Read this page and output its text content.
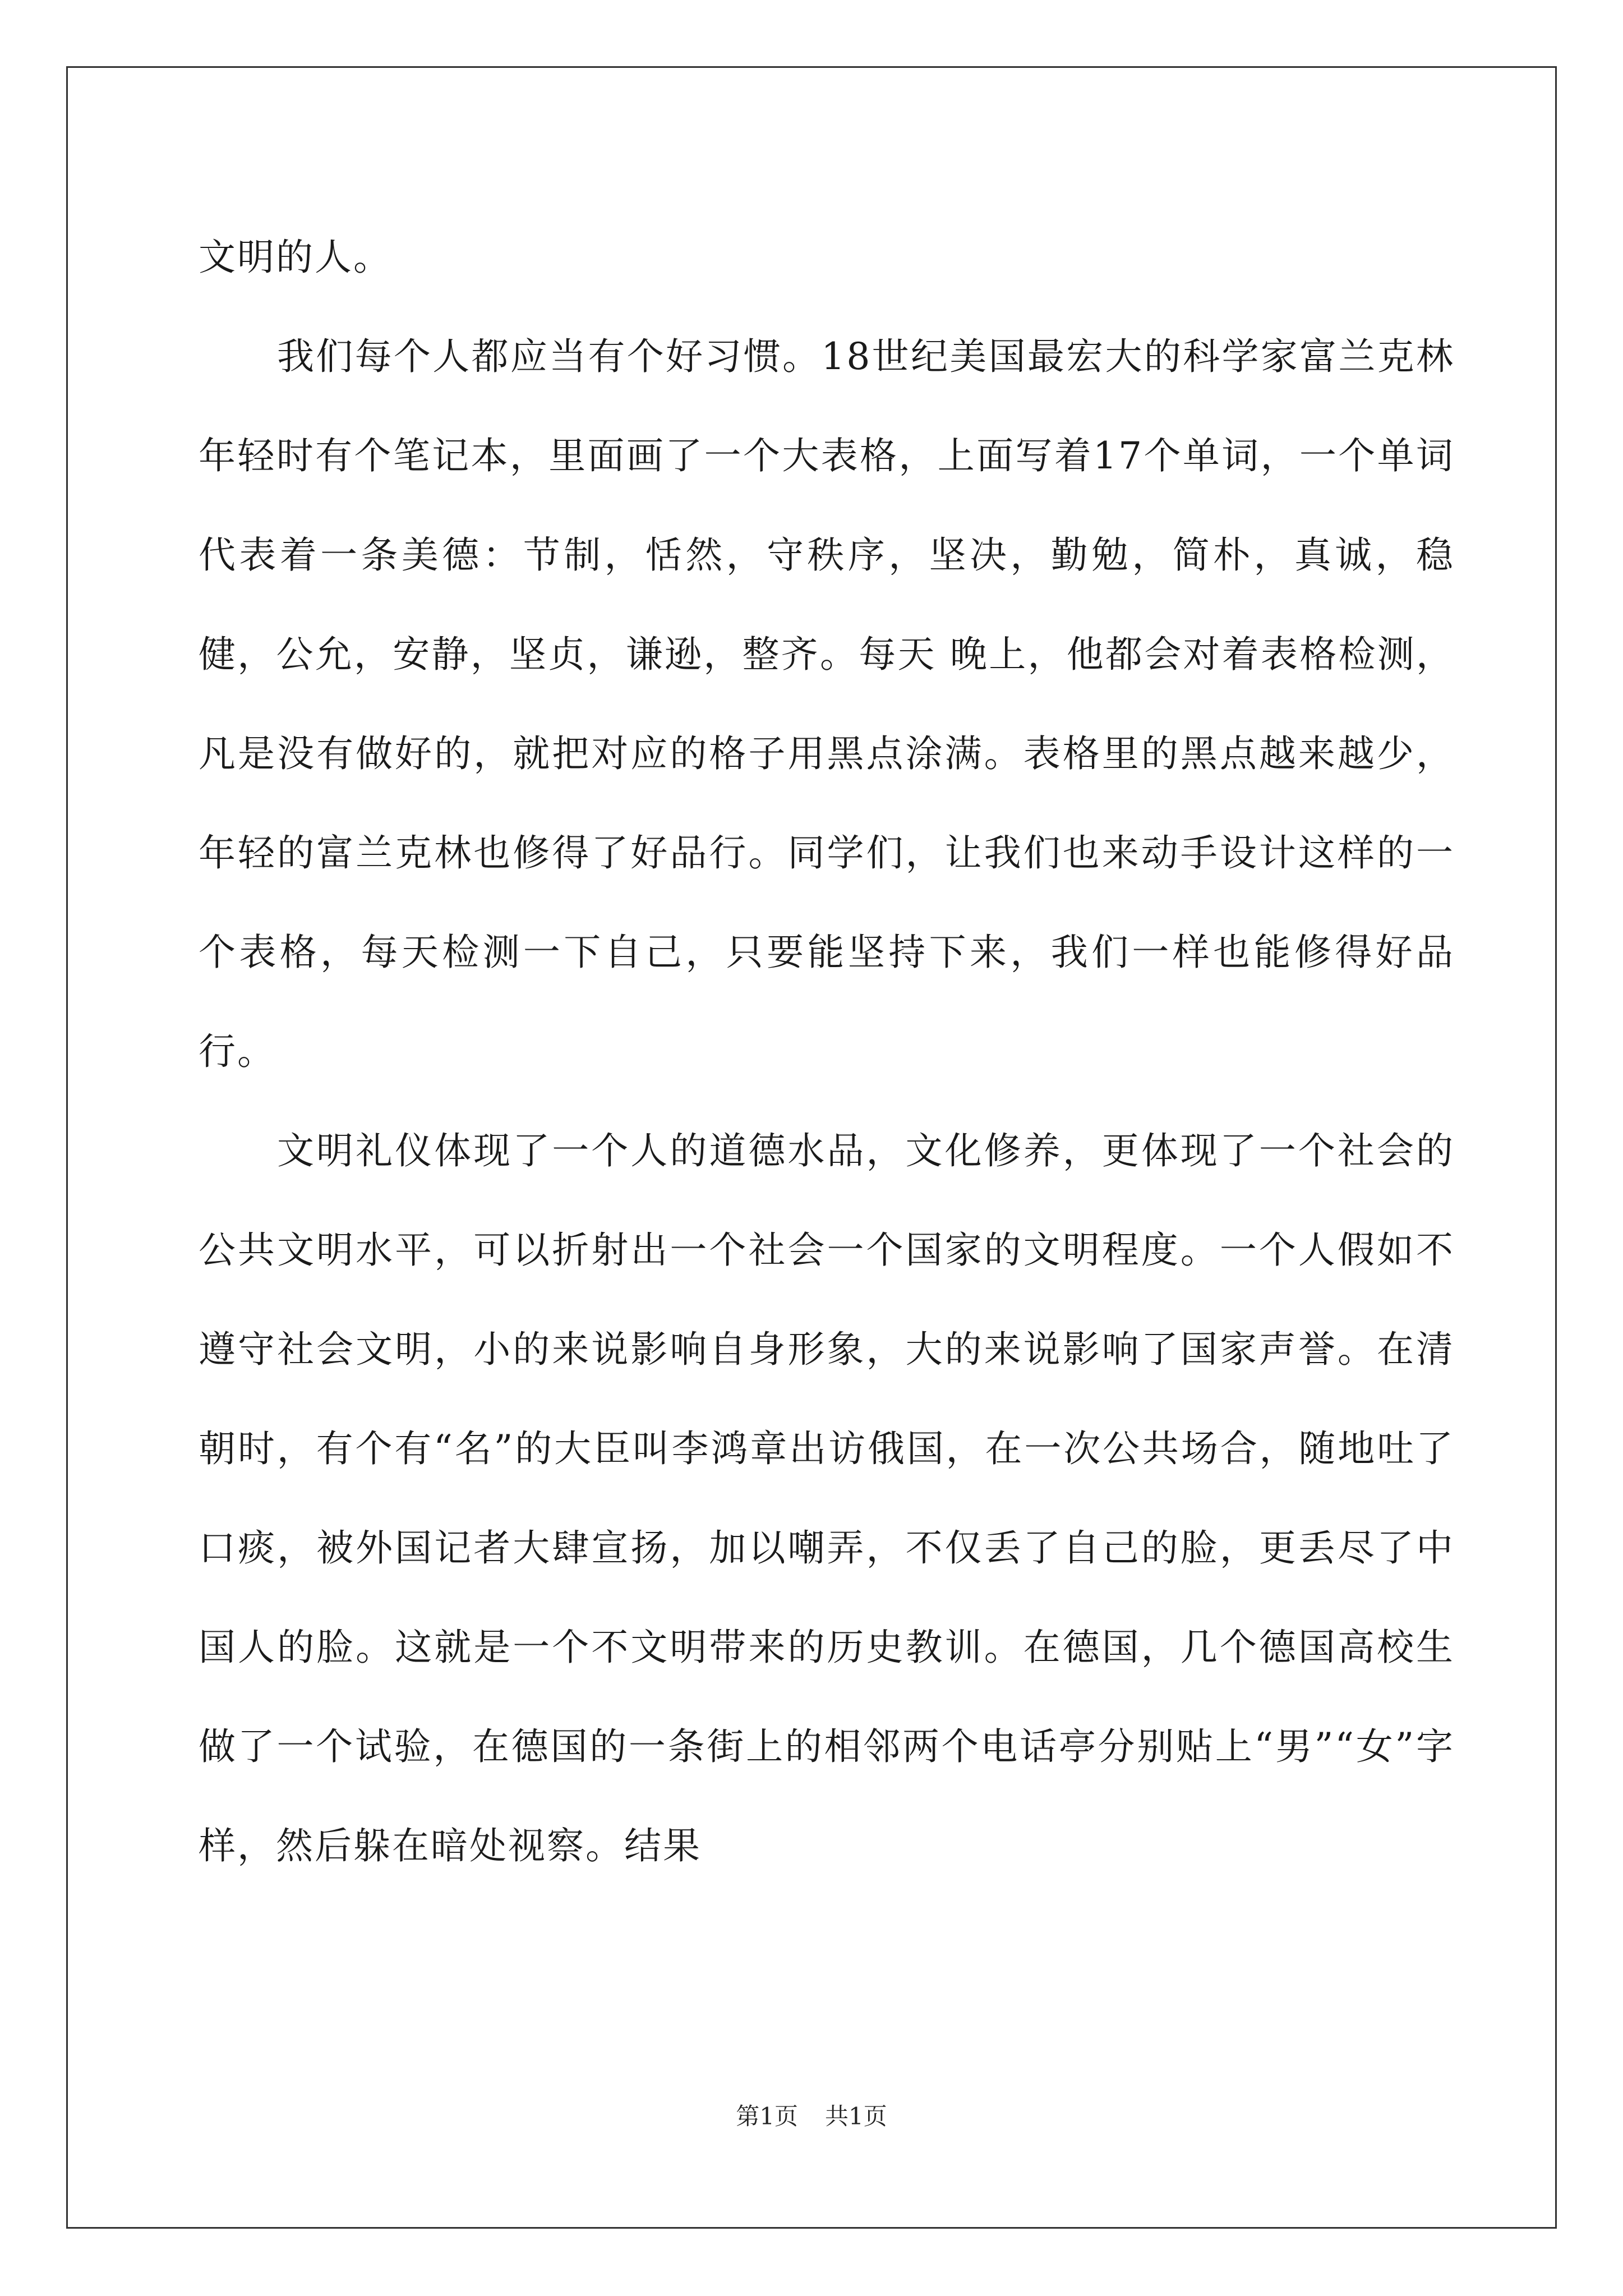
文明的人。

我们每个人都应当有个好习惯。18世纪美国最宏大的科学家富兰克林年轻时有个笔记本，里面画了一个大表格，上面写着17个单词，一个单词代表着一条美德：节制，恬然，守秩序，坚决，勤勉，简朴，真诚，稳健，公允，安静，坚贞，谦逊，整齐。每天 晚上，他都会对着表格检测，凡是没有做好的，就把对应的格子用黑点涂满。表格里的黑点越来越少，年轻的富兰克林也修得了好品行。同学们，让我们也来动手设计这样的一个表格，每天检测一下自己，只要能坚持下来，我们一样也能修得好品行。

文明礼仪体现了一个人的道德水品，文化修养，更体现了一个社会的公共文明水平，可以折射出一个社会一个国家的文明程度。一个人假如不遵守社会文明，小的来说影响自身形象，大的来说影响了国家声誉。在清朝时，有个有“名”的大臣叫李鸿章出访俄国，在一次公共场合，随地吐了口痰，被外国记者大肆宣扬，加以嘲弄，不仅丢了自己的脸，更丢尽了中国人的脸。这就是一个不文明带来的历史教训。在德国，几个德国高校生做了一个试验，在德国的一条街上的相邻两个电话亭分别贴上“男”“女”字样，然后躲在暗处视察。结果

第1页 共1页
